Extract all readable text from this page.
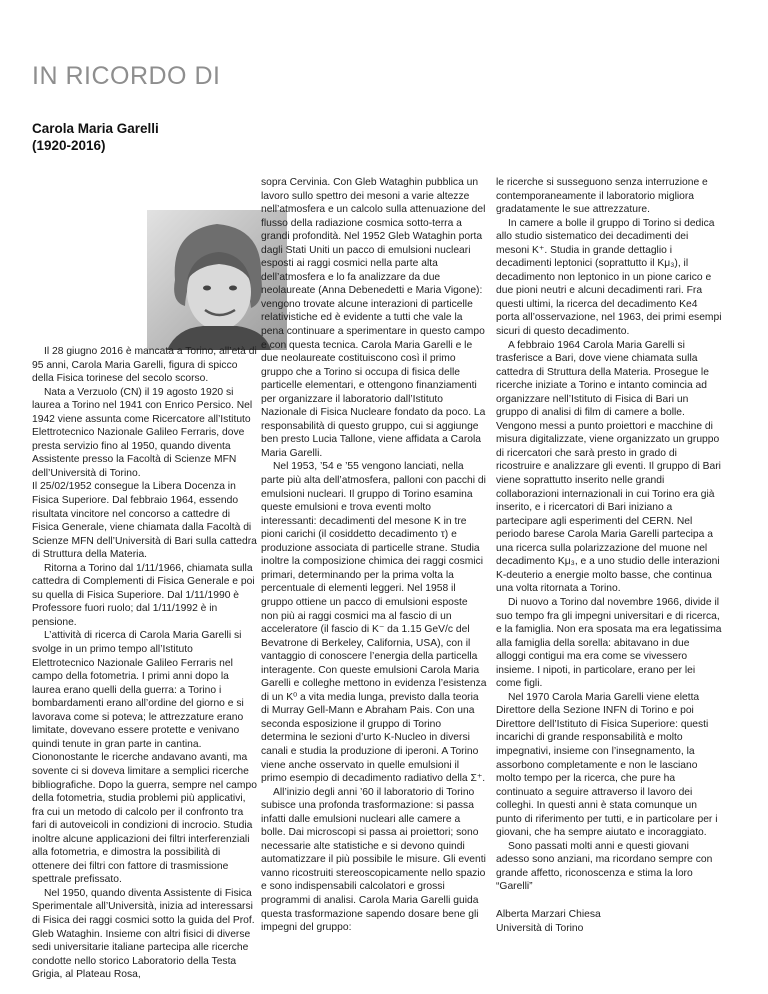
IN RICORDO DI
Carola Maria Garelli
(1920-2016)

Il 28 giugno 2016 è mancata a Torino, all’età di 95 anni, Carola Maria Garelli, figura di spicco della Fisica torinese del secolo scorso.

Nata a Verzuolo (CN) il 19 agosto 1920 si laurea a Torino nel 1941 con Enrico Persico. Nel 1942 viene assunta come Ricercatore all’Istituto Elettrotecnico Nazionale Galileo Ferraris, dove presta servizio fino al 1950, quando diventa Assistente presso la Facoltà di Scienze MFN dell’Università di Torino.

Il 25/02/1952 consegue la Libera Docenza in Fisica Superiore. Dal febbraio 1964, essendo risultata vincitore nel concorso a cattedre di Fisica Generale, viene chiamata dalla Facoltà di Scienze MFN dell’Università di Bari sulla cattedra di Struttura della Materia.

Ritorna a Torino dal 1/11/1966, chiamata sulla cattedra di Complementi di Fisica Generale e poi su quella di Fisica Superiore. Dal 1/11/1990 è Professore fuori ruolo; dal 1/11/1992 è in pensione.

L’attività di ricerca di Carola Maria Garelli si svolge in un primo tempo all’Istituto Elettrotecnico Nazionale Galileo Ferraris nel campo della fotometria. I primi anni dopo la laurea erano quelli della guerra: a Torino i bombardamenti erano all’ordine del giorno e si lavorava come si poteva; le attrezzature erano limitate, dovevano essere protette e venivano quindi tenute in gran parte in cantina. Ciononostante le ricerche andavano avanti, ma sovente ci si doveva limitare a semplici ricerche bibliografiche. Dopo la guerra, sempre nel campo della fotometria, studia problemi più applicativi, fra cui un metodo di calcolo per il confronto tra fari di autoveicoli in condizioni di incrocio. Studia inoltre alcune applicazioni dei filtri interferenziali alla fotometria, e dimostra la possibilità di ottenere dei filtri con fattore di trasmissione spettrale prefissato.

Nel 1950, quando diventa Assistente di Fisica Sperimentale all’Università, inizia ad interessarsi di Fisica dei raggi cosmici sotto la guida del Prof. Gleb Wataghin. Insieme con altri fisici di diverse sedi universitarie italiane partecipa alle ricerche condotte nello storico Laboratorio della Testa Grigia, al Plateau Rosa,

sopra Cervinia. Con Gleb Wataghin pubblica un lavoro sullo spettro dei mesoni a varie altezze nell’atmosfera e un calcolo sulla attenuazione del flusso della radiazione cosmica sotto-terra a grandi profondità. Nel 1952 Gleb Wataghin porta dagli Stati Uniti un pacco di emulsioni nucleari esposti ai raggi cosmici nella parte alta dell’atmosfera e lo fa analizzare da due neolaureate (Anna Debenedetti e Maria Vigone): vengono trovate alcune interazioni di particelle relativistiche ed è evidente a tutti che vale la pena continuare a sperimentare in questo campo e con questa tecnica. Carola Maria Garelli e le due neolaureate costituiscono così il primo gruppo che a Torino si occupa di fisica delle particelle elementari, e ottengono finanziamenti per organizzare il laboratorio dall’Istituto Nazionale di Fisica Nucleare fondato da poco. La responsabilità di questo gruppo, cui si aggiunge ben presto Lucia Tallone, viene affidata a Carola Maria Garelli.

Nel 1953, ’54 e ’55 vengono lanciati, nella parte più alta dell’atmosfera, palloni con pacchi di emulsioni nucleari. Il gruppo di Torino esamina queste emulsioni e trova eventi molto interessanti: decadimenti del mesone K in tre pioni carichi (il cosiddetto decadimento τ) e produzione associata di particelle strane. Studia inoltre la composizione chimica dei raggi cosmici primari, determinando per la prima volta la percentuale di elementi leggeri. Nel 1958 il gruppo ottiene un pacco di emulsioni esposte non più ai raggi cosmici ma al fascio di un acceleratore (il fascio di K⁻ da 1.15 GeV/c del Bevatrone di Berkeley, California, USA), con il vantaggio di conoscere l’energia della particella interagente. Con queste emulsioni Carola Maria Garelli e colleghe mettono in evidenza l’esistenza di un K⁰ a vita media lunga, previsto dalla teoria di Murray Gell-Mann e Abraham Pais. Con una seconda esposizione il gruppo di Torino determina le sezioni d’urto K-Nucleo in diversi canali e studia la produzione di iperoni. A Torino viene anche osservato in quelle emulsioni il primo esempio di decadimento radiativo della Σ⁺.

All’inizio degli anni ’60 il laboratorio di Torino subisce una profonda trasformazione: si passa infatti dalle emulsioni nucleari alle camere a bolle. Dai microscopi si passa ai proiettori; sono necessarie alte statistiche e si devono quindi automatizzare il più possibile le misure. Gli eventi vanno ricostruiti stereoscopicamente nello spazio e sono indispensabili calcolatori e grossi programmi di analisi. Carola Maria Garelli guida questa trasformazione sapendo dosare bene gli impegni del gruppo:

le ricerche si susseguono senza interruzione e contemporaneamente il laboratorio migliora gradatamente le sue attrezzature.

In camere a bolle il gruppo di Torino si dedica allo studio sistematico dei decadimenti dei mesoni K⁺. Studia in grande dettaglio i decadimenti leptonici (soprattutto il Kμ₃), il decadimento non leptonico in un pione carico e due pioni neutri e alcuni decadimenti rari. Fra questi ultimi, la ricerca del decadimento Ke4 porta all’osservazione, nel 1963, dei primi esempi sicuri di questo decadimento.

A febbraio 1964 Carola Maria Garelli si trasferisce a Bari, dove viene chiamata sulla cattedra di Struttura della Materia. Prosegue le ricerche iniziate a Torino e intanto comincia ad organizzare nell’Istituto di Fisica di Bari un gruppo di analisi di film di camere a bolle. Vengono messi a punto proiettori e macchine di misura digitalizzate, viene organizzato un gruppo di ricercatori che sarà presto in grado di ricostruire e analizzare gli eventi. Il gruppo di Bari viene soprattutto inserito nelle grandi collaborazioni internazionali in cui Torino era già inserito, e i ricercatori di Bari iniziano a partecipare agli esperimenti del CERN. Nel periodo barese Carola Maria Garelli partecipa a una ricerca sulla polarizzazione del muone nel decadimento Kμ₃, e a uno studio delle interazioni K-deuterio a energie molto basse, che continua una volta ritornata a Torino.

Di nuovo a Torino dal novembre 1966, divide il suo tempo fra gli impegni universitari e di ricerca, e la famiglia. Non era sposata ma era legatissima alla famiglia della sorella: abitavano in due alloggi contigui ma era come se vivessero insieme. I nipoti, in particolare, erano per lei come figli.

Nel 1970 Carola Maria Garelli viene eletta Direttore della Sezione INFN di Torino e poi Direttore dell’Istituto di Fisica Superiore: questi incarichi di grande responsabilità e molto impegnativi, insieme con l’insegnamento, la assorbono completamente e non le lasciano molto tempo per la ricerca, che pure ha continuato a seguire attraverso il lavoro dei colleghi. In questi anni è stata comunque un punto di riferimento per tutti, e in particolare per i giovani, che ha sempre aiutato e incoraggiato.

Sono passati molti anni e questi giovani adesso sono anziani, ma ricordano sempre con grande affetto, riconoscenza e stima la loro “Garelli”

Alberta Marzari Chiesa

Università di Torino
